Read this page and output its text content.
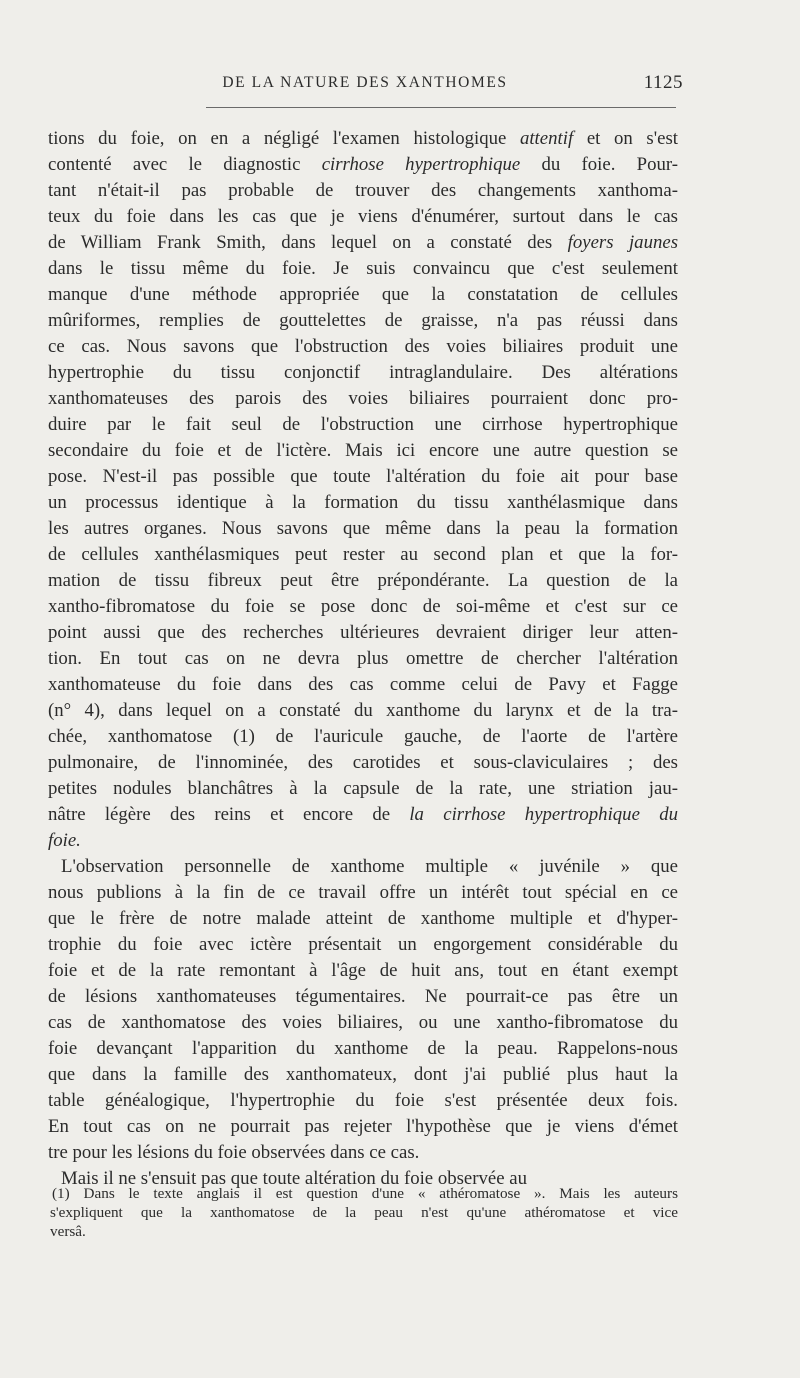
DE LA NATURE DES XANTHOMES	1125
tions du foie, on en a négligé l'examen histologique attentif et on s'est
contenté avec le diagnostic cirrhose hypertrophique du foie. Pour-
tant n'était-il pas probable de trouver des changements xanthoma-
teux du foie dans les cas que je viens d'énumérer, surtout dans le cas
de William Frank Smith, dans lequel on a constaté des foyers jaunes
dans le tissu même du foie. Je suis convaincu que c'est seulement
manque d'une méthode appropriée que la constatation de cellules
mûriformes, remplies de gouttelettes de graisse, n'a pas réussi dans
ce cas. Nous savons que l'obstruction des voies biliaires produit une
hypertrophie du tissu conjonctif intraglandulaire. Des altérations
xanthomateuses des parois des voies biliaires pourraient donc pro-
duire par le fait seul de l'obstruction une cirrhose hypertrophique
secondaire du foie et de l'ictère. Mais ici encore une autre question se
pose. N'est-il pas possible que toute l'altération du foie ait pour base
un processus identique à la formation du tissu xanthélasmique dans
les autres organes. Nous savons que même dans la peau la formation
de cellules xanthélasmiques peut rester au second plan et que la for-
mation de tissu fibreux peut être prépondérante. La question de la
xantho-fibromatose du foie se pose donc de soi-même et c'est sur ce
point aussi que des recherches ultérieures devraient diriger leur atten-
tion. En tout cas on ne devra plus omettre de chercher l'altération
xanthomateuse du foie dans des cas comme celui de Pavy et Fagge
(n° 4), dans lequel on a constaté du xanthome du larynx et de la tra-
chée, xanthomatose (1) de l'auricule gauche, de l'aorte de l'artère
pulmonaire, de l'innominée, des carotides et sous-claviculaires ; des
petites nodules blanchâtres à la capsule de la rate, une striation jau-
nâtre légère des reins et encore de la cirrhose hypertrophique du
foie.
L'observation personnelle de xanthome multiple « juvénile » que
nous publions à la fin de ce travail offre un intérêt tout spécial en ce
que le frère de notre malade atteint de xanthome multiple et d'hyper-
trophie du foie avec ictère présentait un engorgement considérable du
foie et de la rate remontant à l'âge de huit ans, tout en étant exempt
de lésions xanthomateuses tégumentaires. Ne pourrait-ce pas être un
cas de xanthomatose des voies biliaires, ou une xantho-fibromatose du
foie devançant l'apparition du xanthome de la peau. Rappelons-nous
que dans la famille des xanthomateux, dont j'ai publié plus haut la
table généalogique, l'hypertrophie du foie s'est présentée deux fois.
En tout cas on ne pourrait pas rejeter l'hypothèse que je viens d'émet
tre pour les lésions du foie observées dans ce cas.
Mais il ne s'ensuit pas que toute altération du foie observée au
(1) Dans le texte anglais il est question d'une « athéromatose ». Mais les auteurs
s'expliquent que la xanthomatose de la peau n'est qu'une athéromatose et vice
versâ.
